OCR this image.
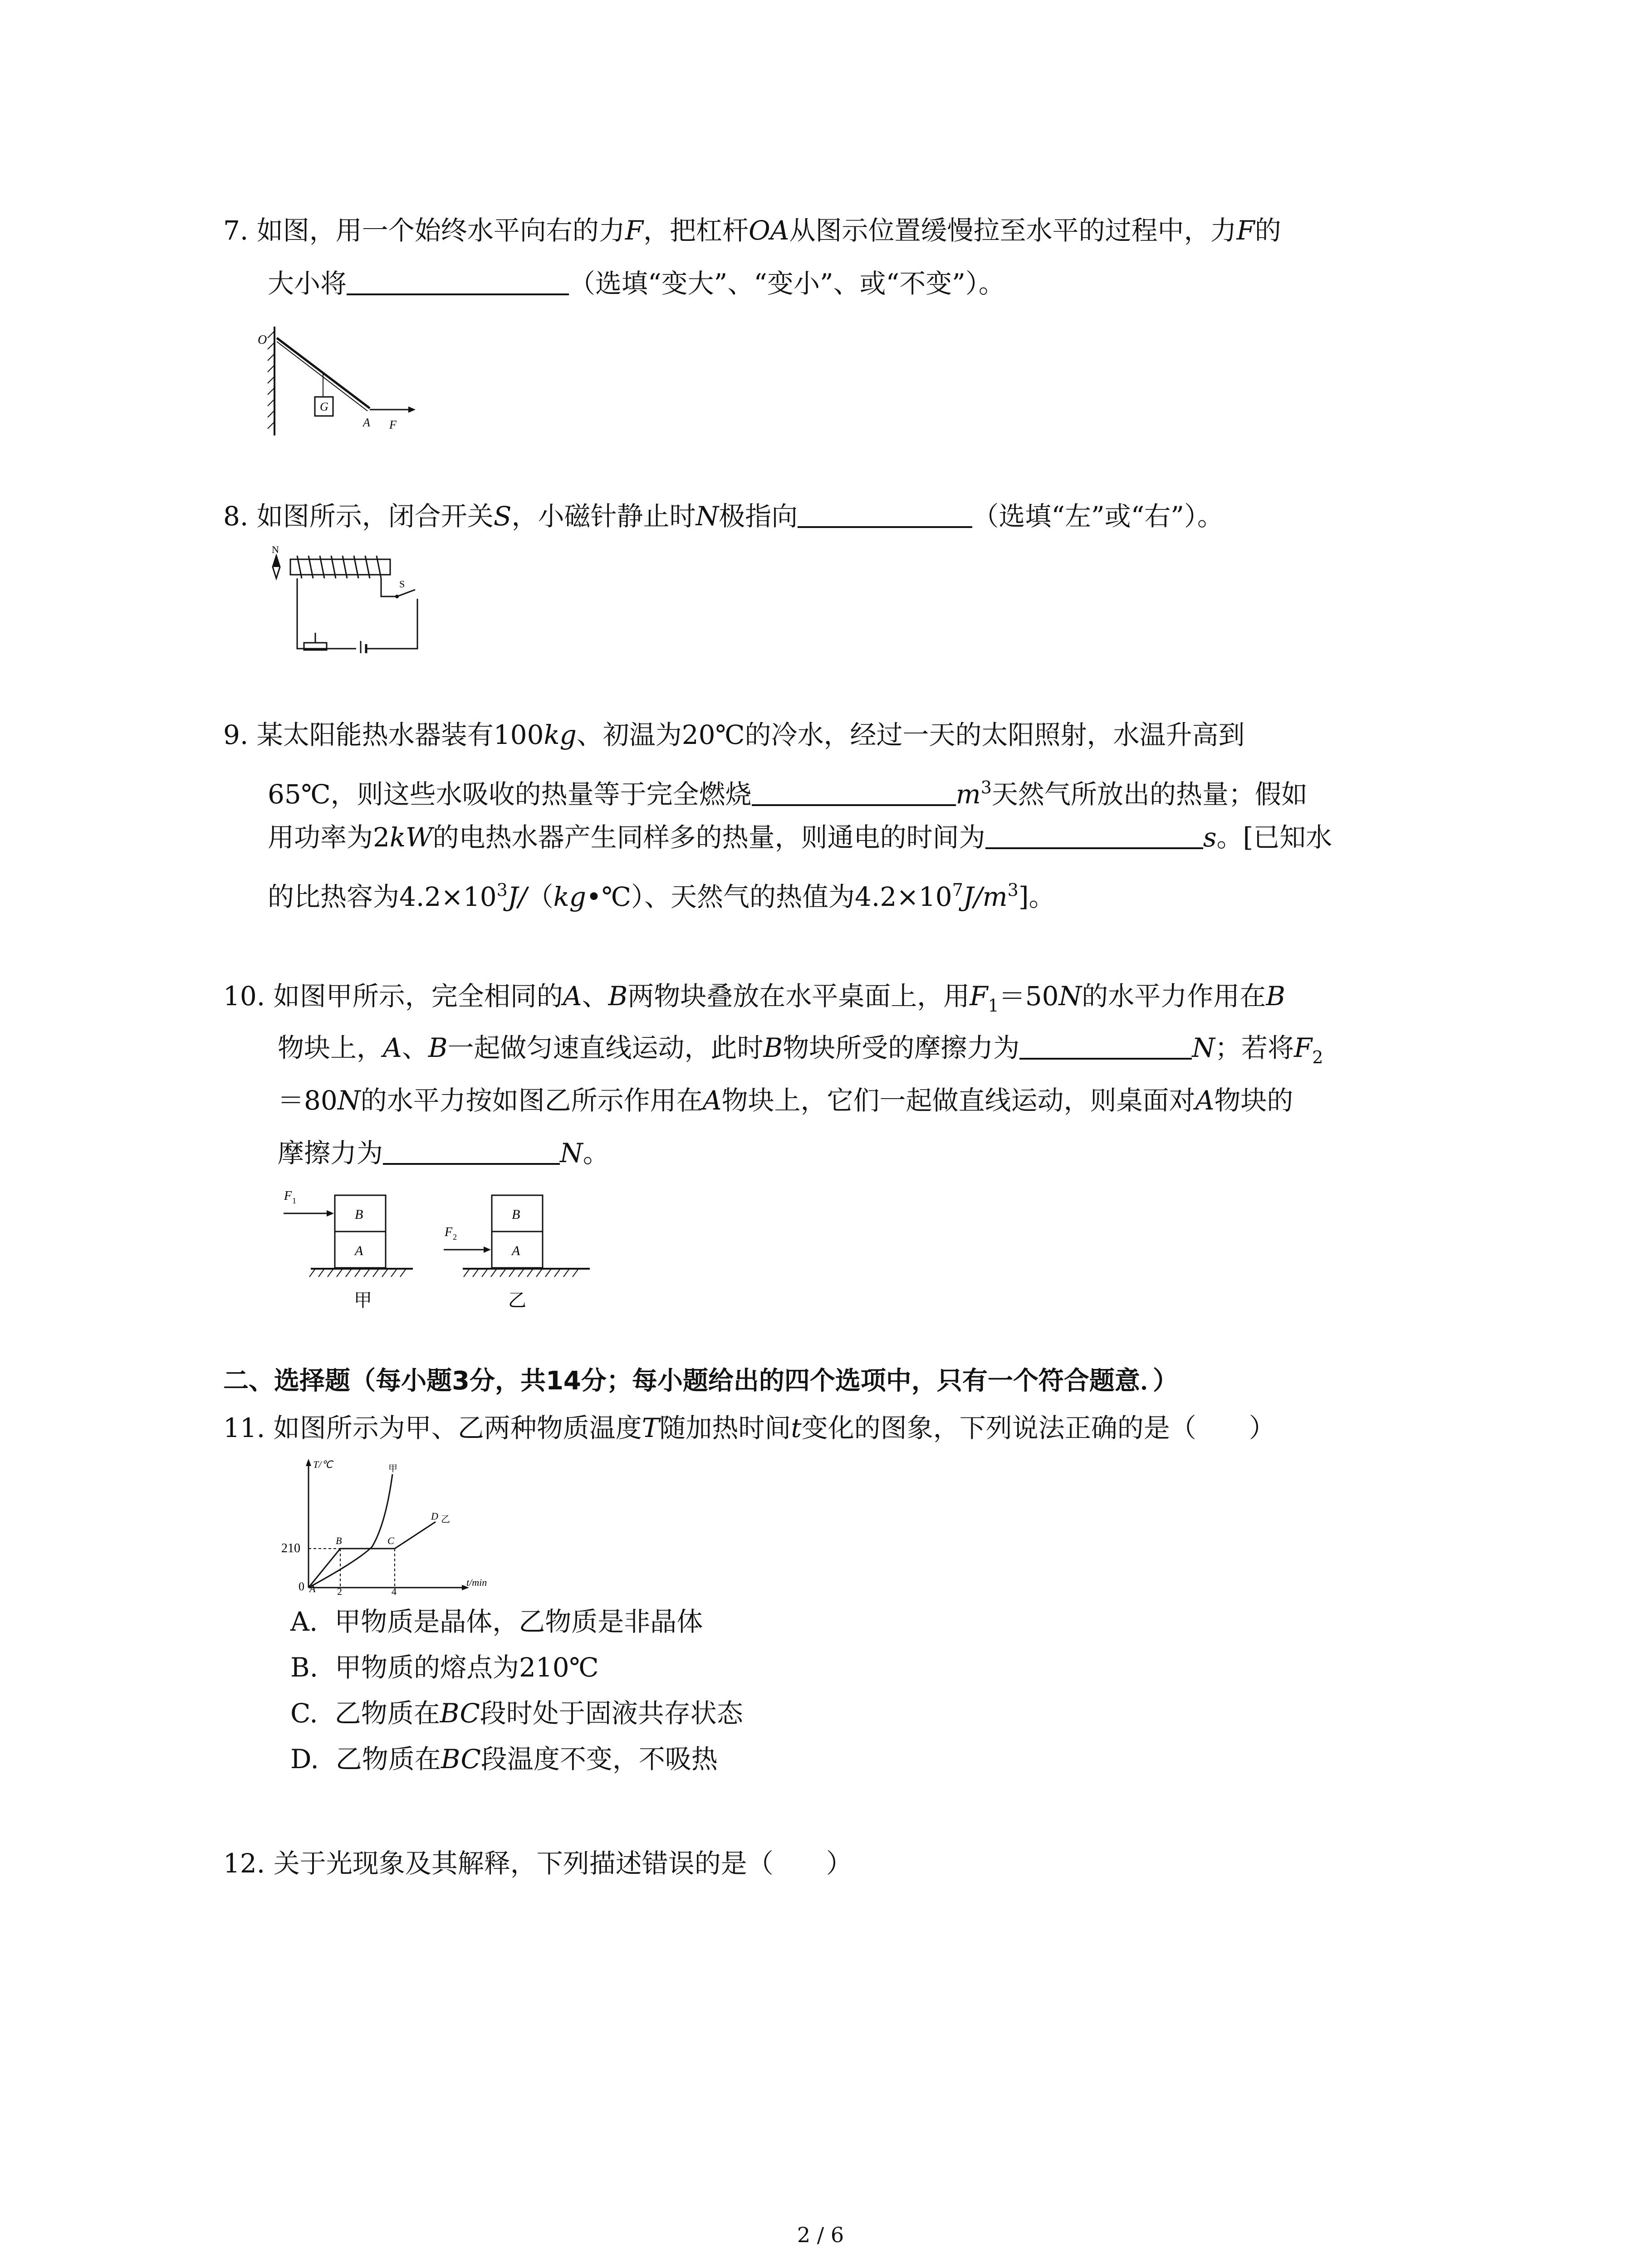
7. 如图，用一个始终水平向右的力F，把杠杆OA从图示位置缓慢拉至水平的过程中，力F的
大小将	（选填“变大”、“变小”、或“不变”）。
G
O
A F
8. 如图所示，闭合开关S，小磁针静止时N极指向	（选填“左”或“右”）。
N
S
9. 某太阳能热水器装有100kg、初温为20℃的冷水，经过一天的太阳照射，水温升高到
65℃，则这些水吸收的热量等于完全燃烧	$m^3$天然气所放出的热量；假如
用功率为2kW的电热水器产生同样多的热量，则通电的时间为	s。[已知水
的比热容为$4.2\times 10^3J/(kg•℃)$、天然气的热值为$4.2\times 10^7J/m^3$]。
10. 如图甲所示，完全相同的A、B两物块叠放在水平桌面上，用$F_1=50N$的水平力作用在B
物块上，A、B一起做匀速直线运动，此时B物块所受的摩擦力为	N；若将$F_2$
＝80N的水平力按如图乙所示作用在A物块上，它们一起做直线运动，则桌面对A物块的
摩擦力为	N。
F 1
B
A
甲
F 2
B
A
乙
二、选择题（每小题3分，共14分；每小题给出的四个选项中，只有一个符合题意．）
11. 如图所示为甲、乙两种物质温度T随加热时间t变化的图象，下列说法正确的是（　　）
T/℃
t/min
210
0	2	4
甲
A
B	C
D 乙
A. 甲物质是晶体，乙物质是非晶体
B. 甲物质的熔点为210℃
C. 乙物质在BC段时处于固液共存状态
D. 乙物质在BC段温度不变，不吸热
12. 关于光现象及其解释，下列描述错误的是（　　）
2 / 6
